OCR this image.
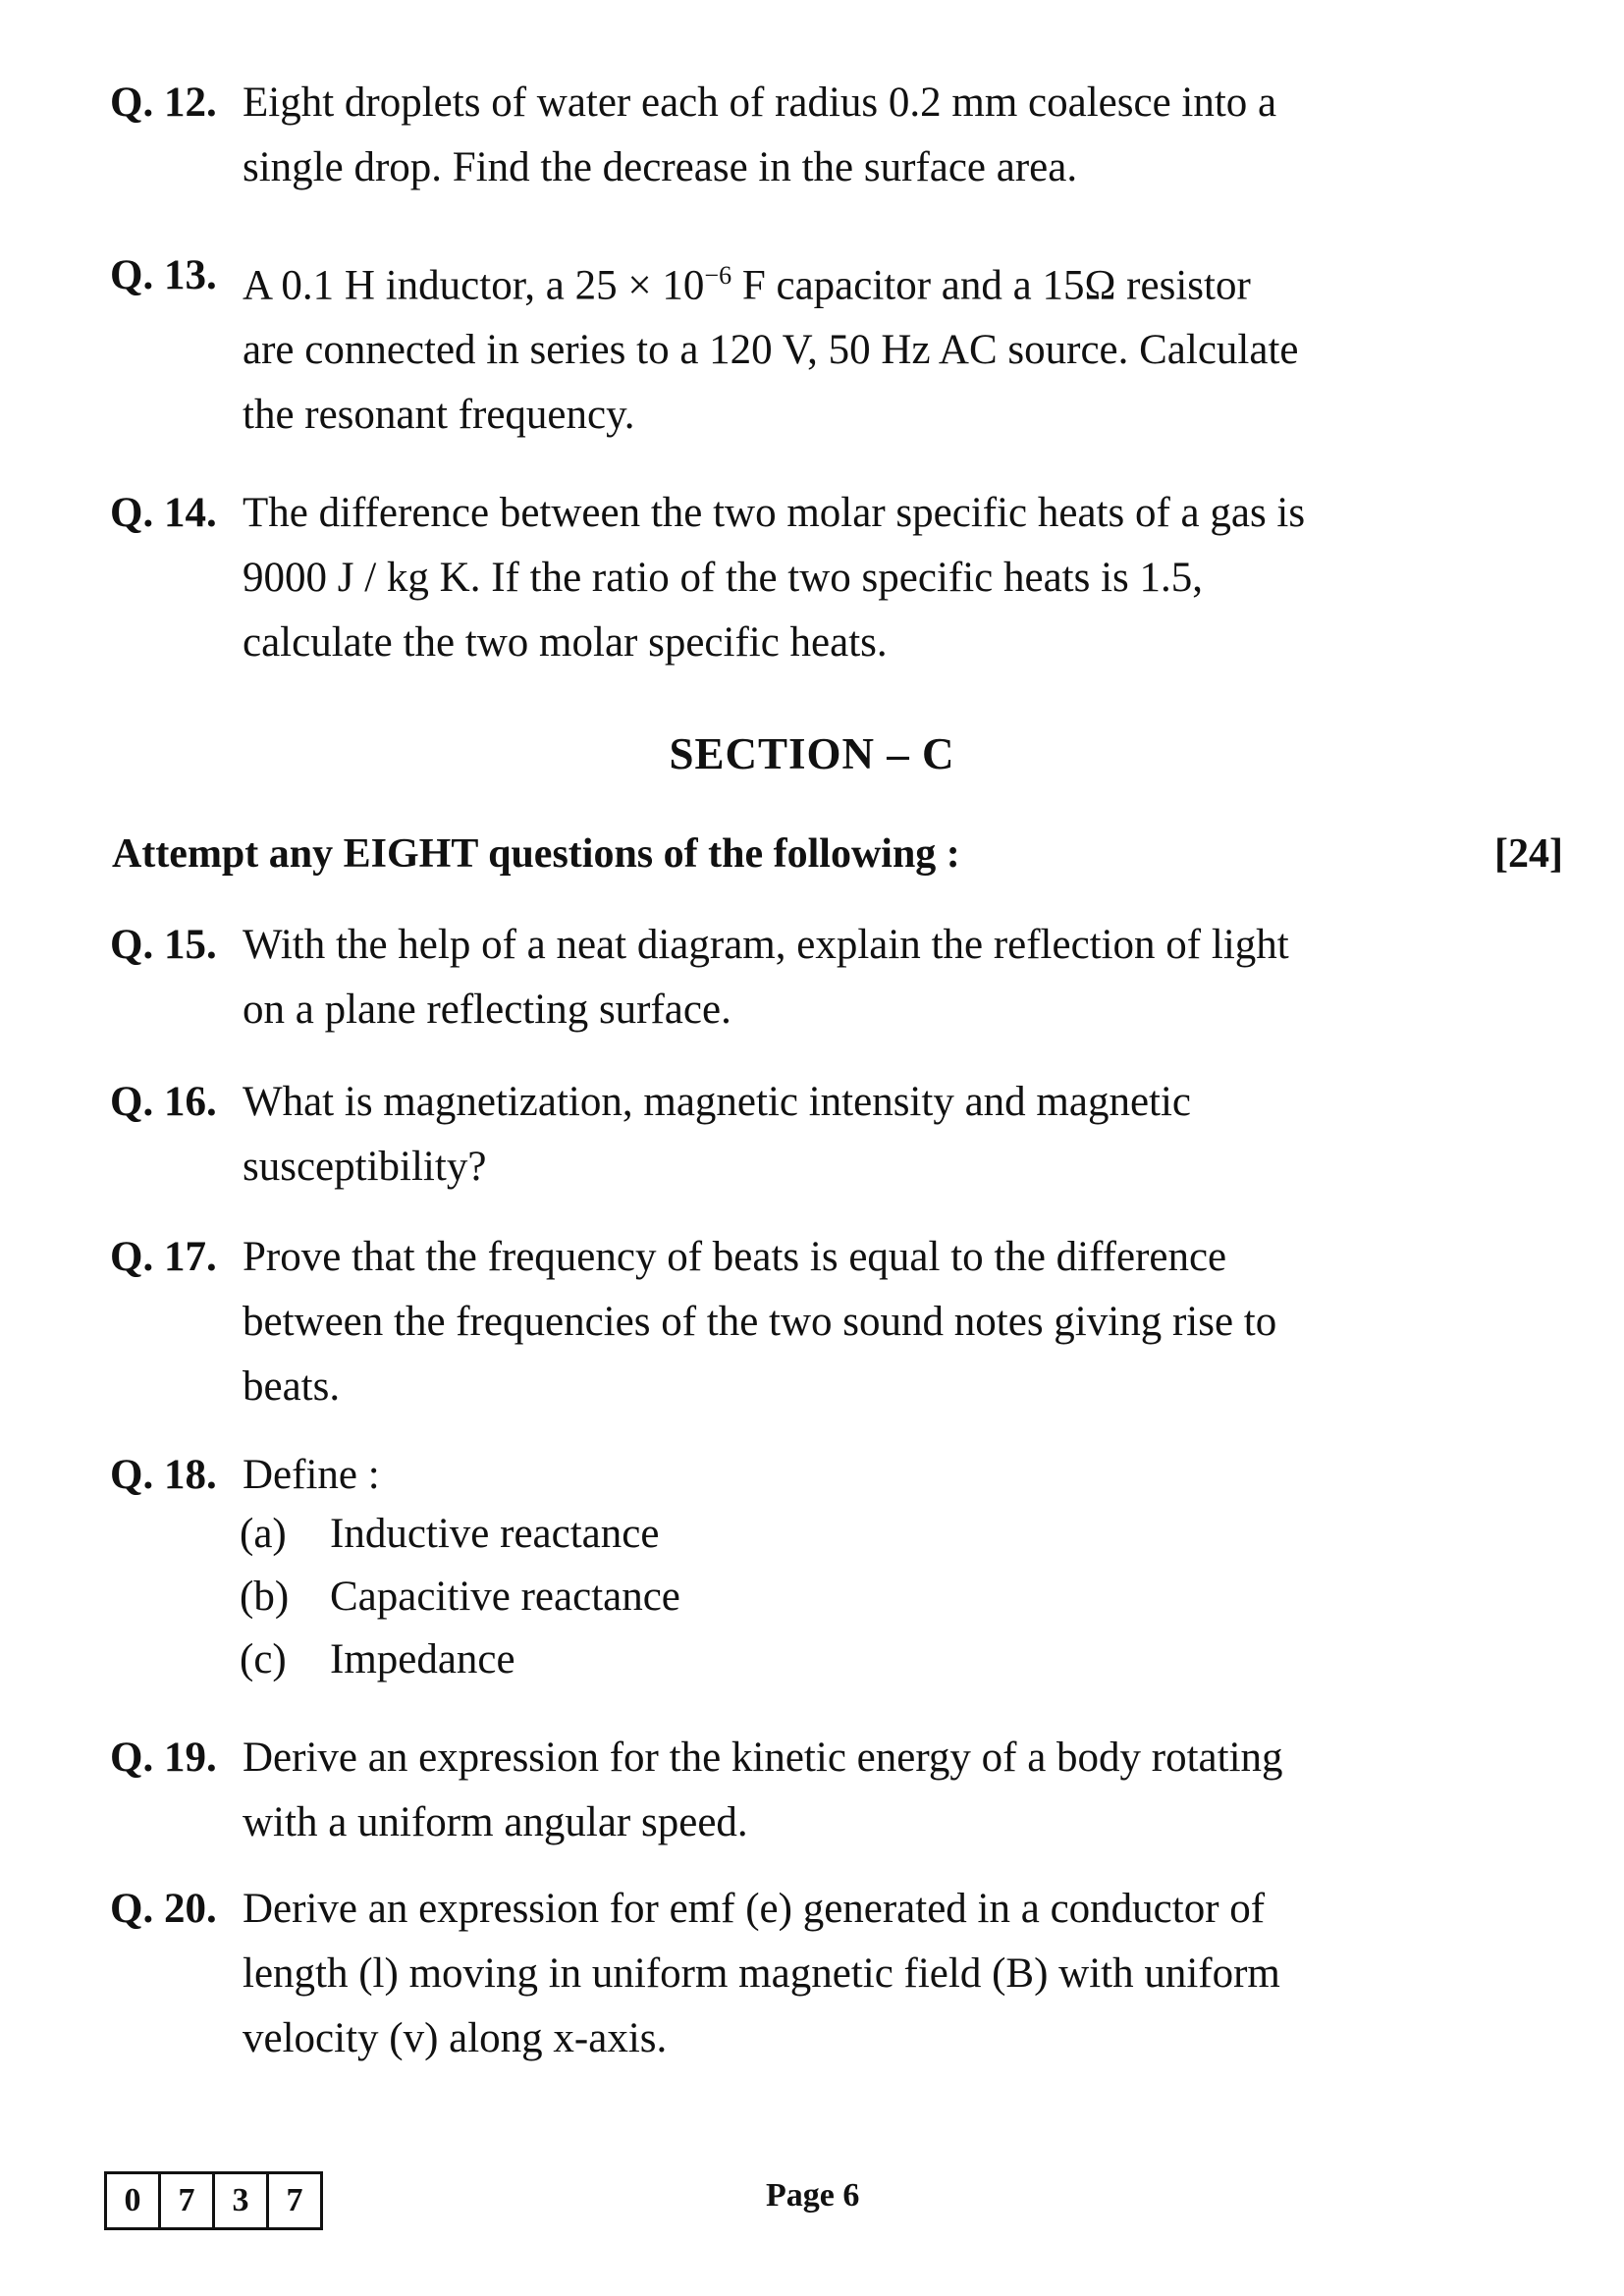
Q. 12. Eight droplets of water each of radius 0.2 mm coalesce into a
single drop. Find the decrease in the surface area.
Q. 13. A 0.1 H inductor, a $25 \times 10^{-6}$ F capacitor and a 15Ω resistor
are connected in series to a 120 V, 50 Hz AC source. Calculate
the resonant frequency.
Q. 14. The difference between the two molar specific heats of a gas is
9000 J / kg K. If the ratio of the two specific heats is 1.5,
calculate the two molar specific heats.
SECTION – C
Attempt any EIGHT questions of the following :	[24]
Q. 15. With the help of a neat diagram, explain the reflection of light
on a plane reflecting surface.
Q. 16. What is magnetization, magnetic intensity and magnetic
susceptibility?
Q. 17. Prove that the frequency of beats is equal to the difference
between the frequencies of the two sound notes giving rise to
beats.
Q. 18. Define :
(a) Inductive reactance
(b) Capacitive reactance
(c) Impedance
Q. 19. Derive an expression for the kinetic energy of a body rotating
with a uniform angular speed.
Q. 20. Derive an expression for emf (e) generated in a conductor of
length (l) moving in uniform magnetic field (B) with uniform
velocity (v) along x-axis.
0	7	3	7	Page 6
